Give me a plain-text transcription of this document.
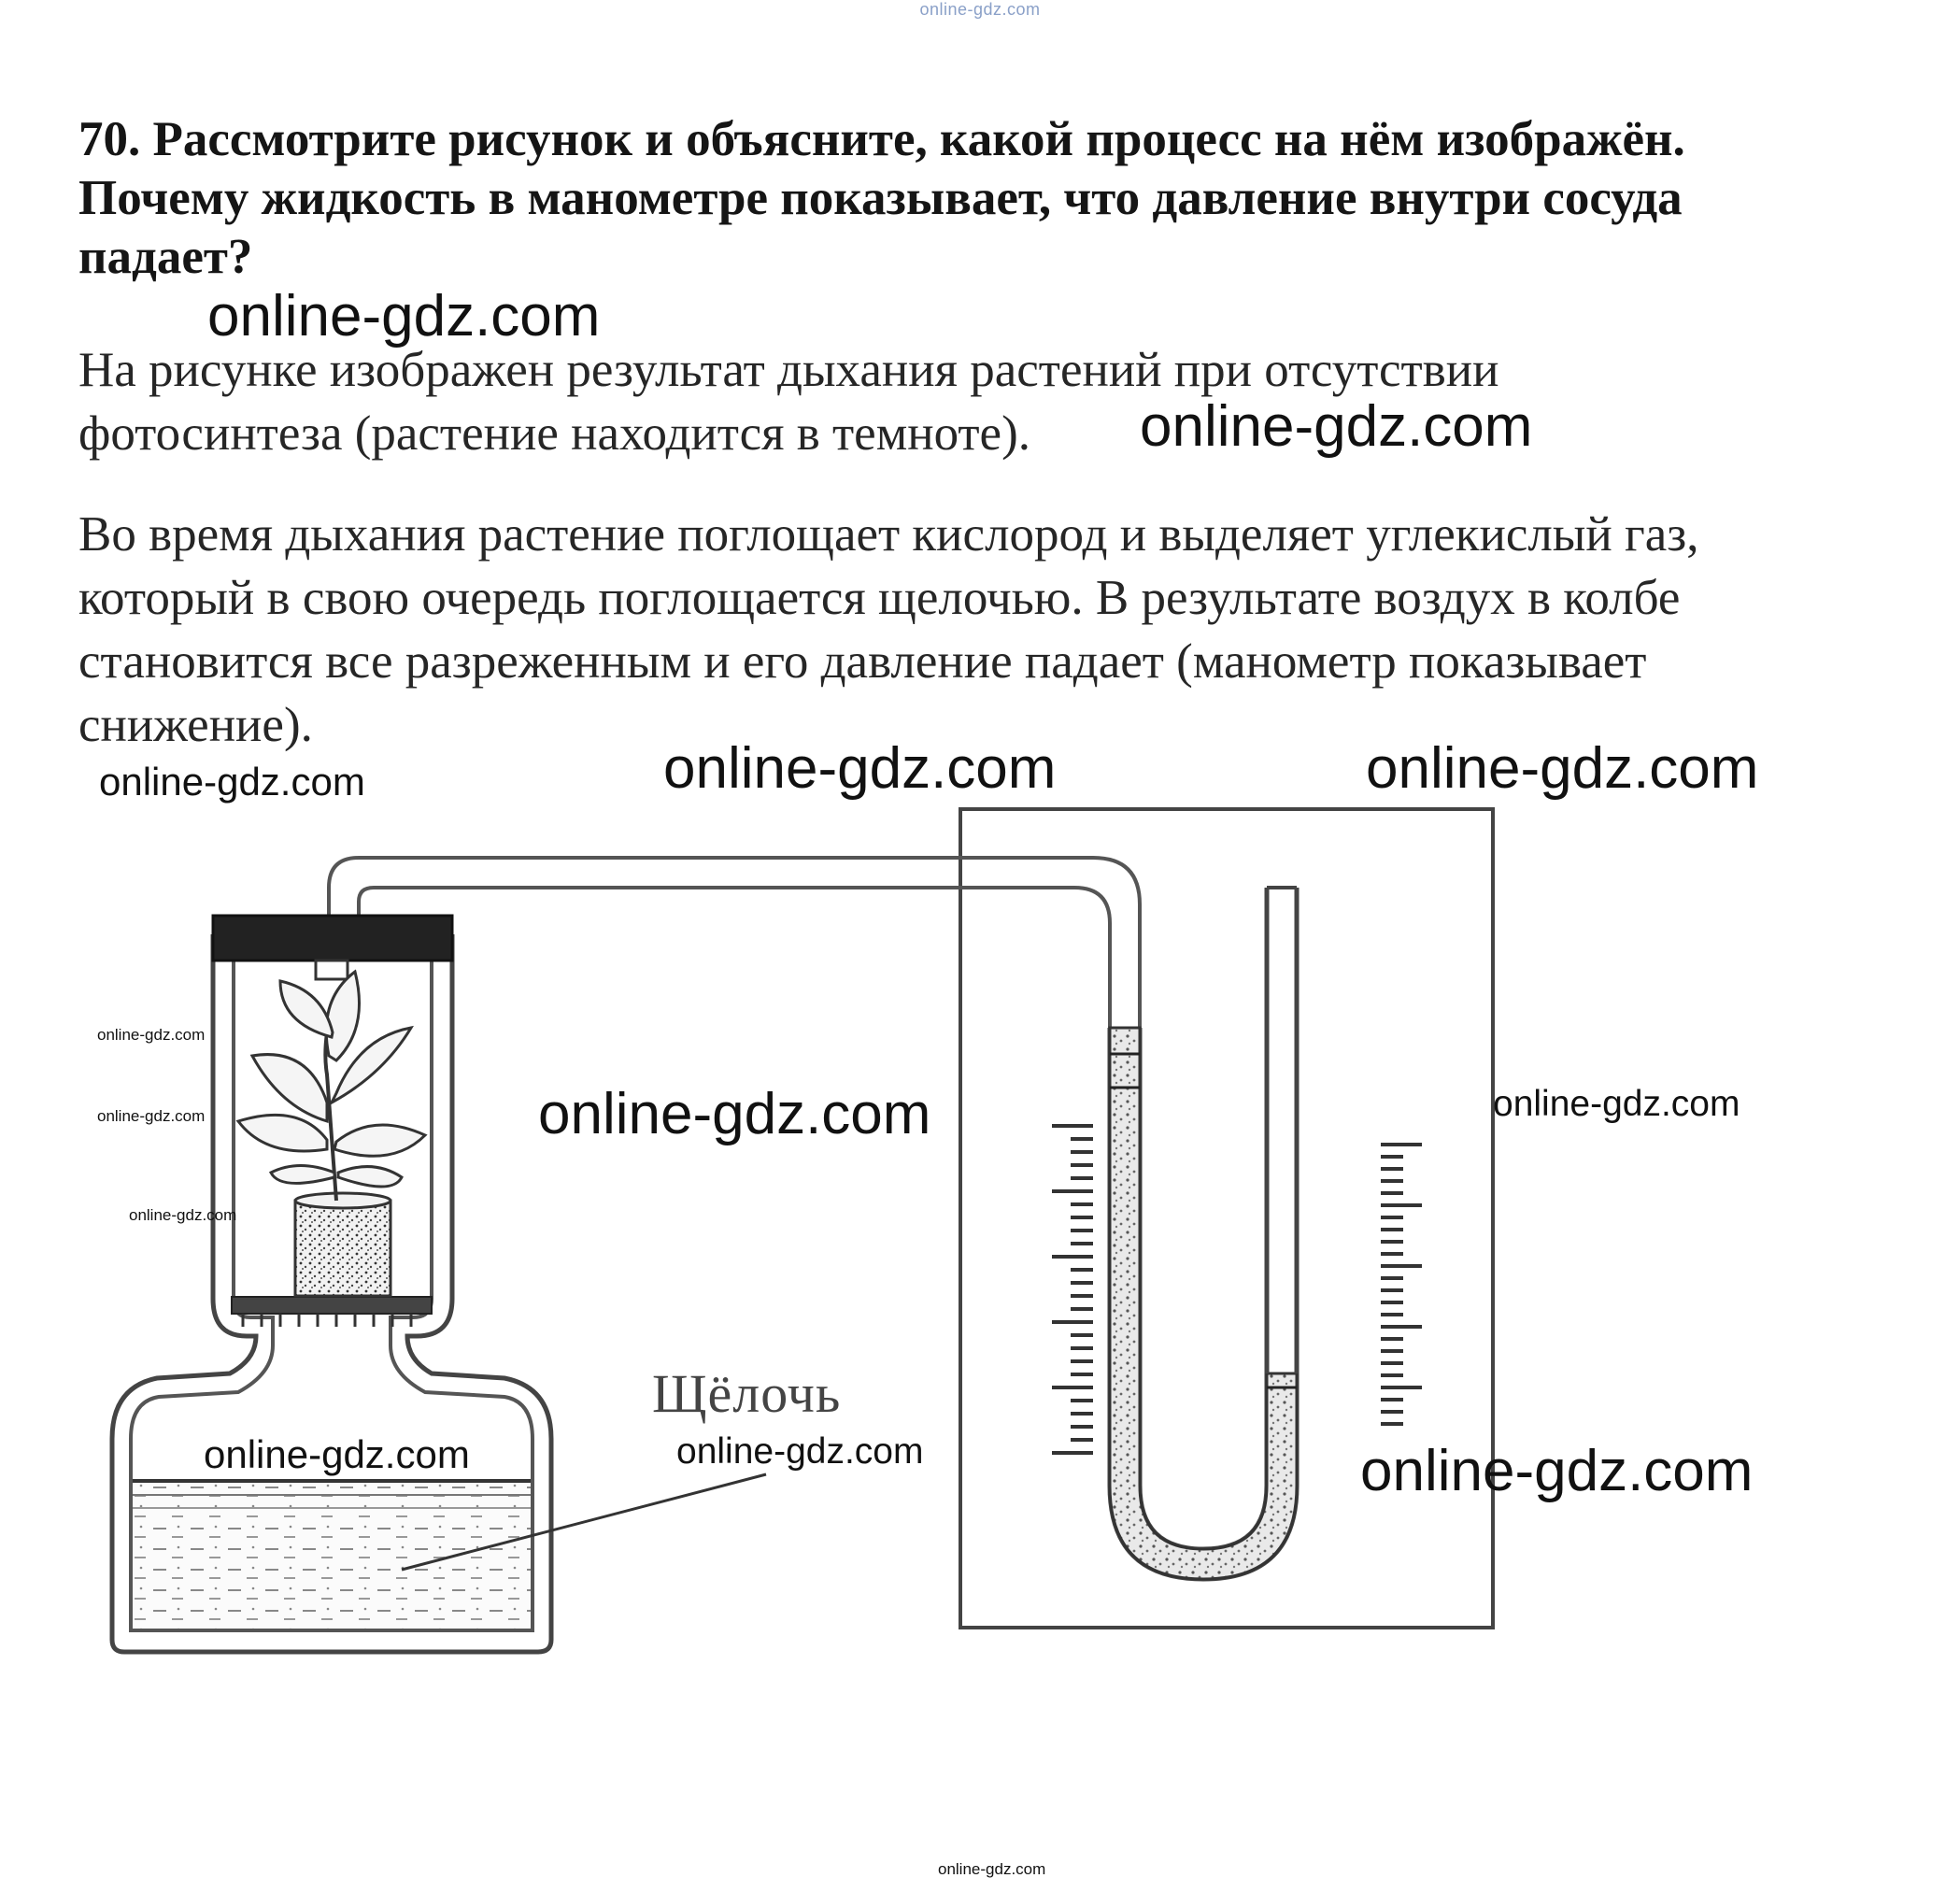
online-gdz.com
70. Рассмотрите рисунок и объясните, какой процесс на нём изображён.
Почему жидкость в манометре показывает, что давление внутри сосуда
падает?
На рисунке изображен результат дыхания растений при отсутствии
фотосинтеза (растение находится в темноте).
Во время дыхания растение поглощает кислород и выделяет углекислый газ,
который в свою очередь поглощается щелочью. В результате воздух в колбе
становится все разреженным и его давление падает (манометр показывает
снижение).
Щёлочь
online-gdz.com
online-gdz.com
online-gdz.com	online-gdz.com
online-gdz.com
online-gdz.com
online-gdz.com
online-gdz.com
online-gdz.com	online-gdz.com
online-gdz.com	online-gdz.com	online-gdz.com
online-gdz.com
